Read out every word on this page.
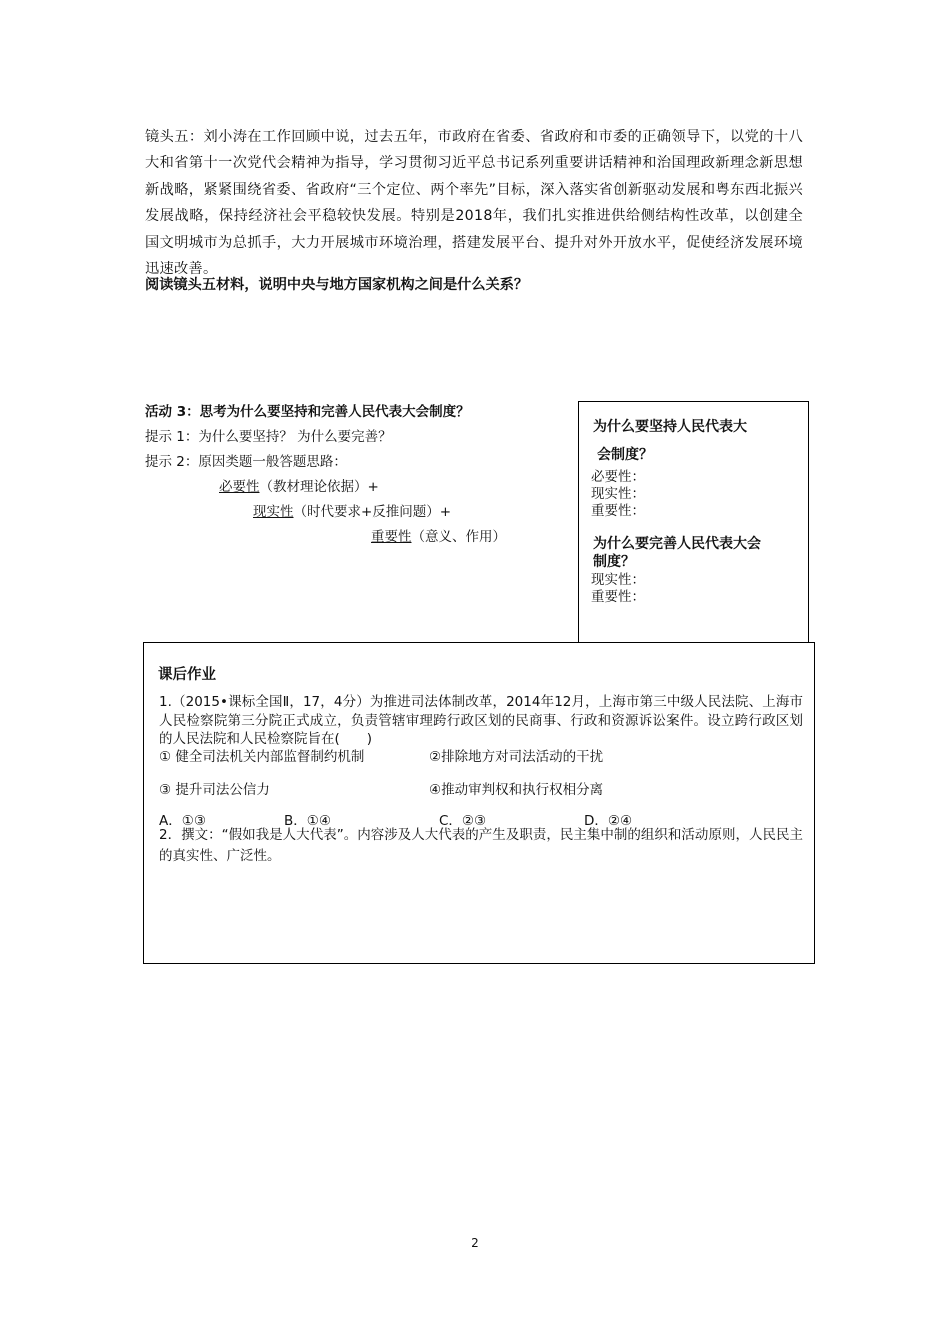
镜头五：刘小涛在工作回顾中说，过去五年，市政府在省委、省政府和市委的正确领导下，以党的十八大和省第十一次党代会精神为指导，学习贯彻习近平总书记系列重要讲话精神和治国理政新理念新思想新战略，紧紧围绕省委、省政府“三个定位、两个率先”目标，深入落实省创新驱动发展和粤东西北振兴发展战略，保持经济社会平稳较快发展。特别是2018年，我们扎实推进供给侧结构性改革，以创建全国文明城市为总抓手，大力开展城市环境治理，搭建发展平台、提升对外开放水平，促使经济发展环境迅速改善。
阅读镜头五材料，说明中央与地方国家机构之间是什么关系？
活动 3：思考为什么要坚持和完善人民代表大会制度？
提示 1：为什么要坚持？ 为什么要完善？
提示 2：原因类题一般答题思路：
必要性（教材理论依据）+
现实性（时代要求+反推问题）+
重要性（意义、作用）
为什么要坚持人民代表大
会制度？
必要性：
现实性：
重要性：
为什么要完善人民代表大会
制度？
现实性：
重要性：
课后作业
1.（2015•课标全国Ⅱ，17，4分）为推进司法体制改革，2014年12月，上海市第三中级人民法院、上海市人民检察院第三分院正式成立，负责管辖审理跨行政区划的民商事、行政和资源诉讼案件。设立跨行政区划的人民法院和人民检察院旨在(　　)
① 健全司法机关内部监督制约机制	②排除地方对司法活动的干扰
③ 提升司法公信力	④推动审判权和执行权相分离
A．①③	B．①④	C．②③	D．②④
2．撰文：“假如我是人大代表”。内容涉及人大代表的产生及职责，民主集中制的组织和活动原则，人民民主的真实性、广泛性。
2
